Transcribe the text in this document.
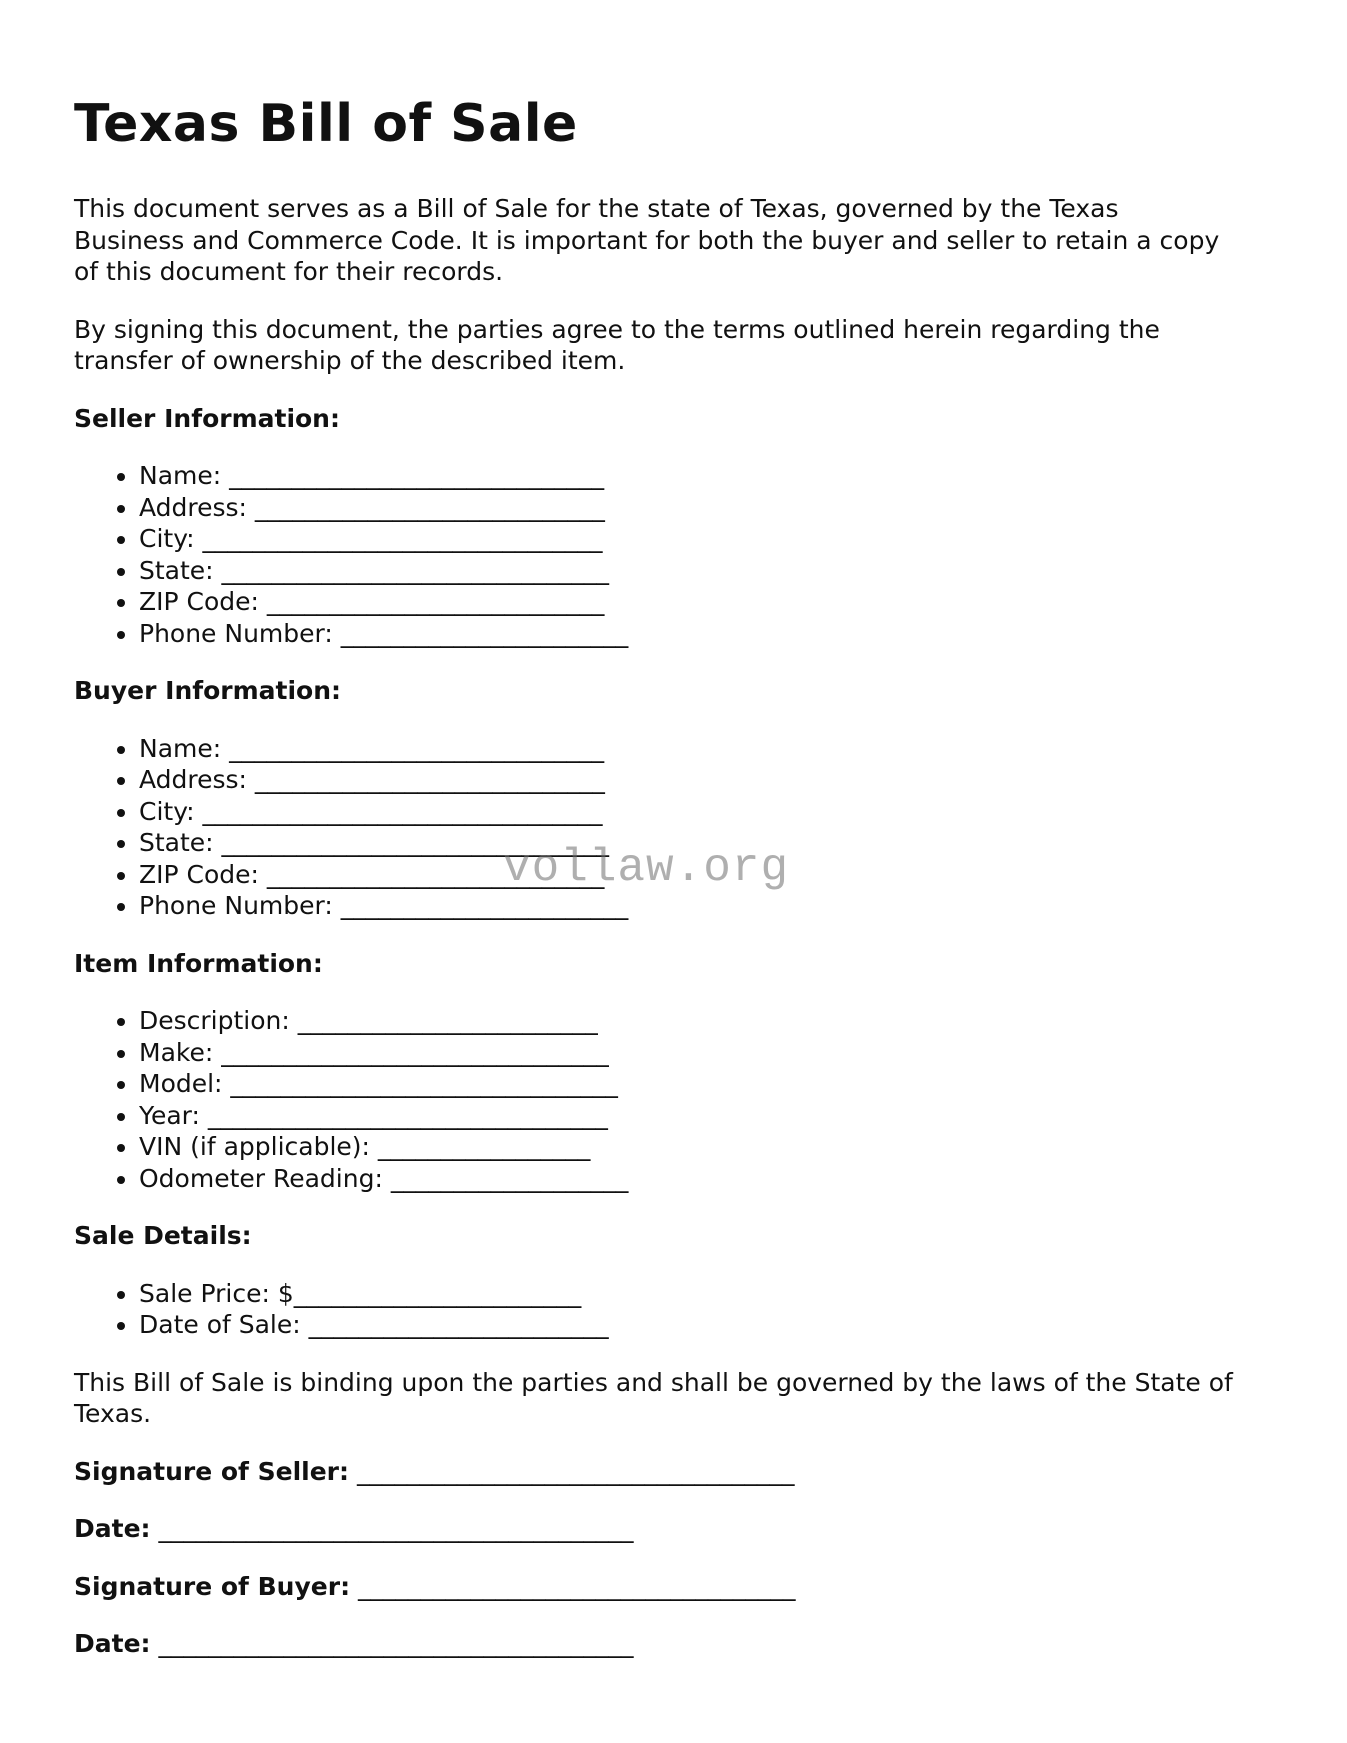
Texas Bill of Sale

This document serves as a Bill of Sale for the state of Texas, governed by the Texas Business and Commerce Code. It is important for both the buyer and seller to retain a copy of this document for their records.

By signing this document, the parties agree to the terms outlined herein regarding the transfer of ownership of the described item.

Seller Information:
• Name: ______________________________
• Address: ____________________________
• City: ________________________________
• State: _______________________________
• ZIP Code: ___________________________
• Phone Number: _______________________
Buyer Information:
• Name: ______________________________
• Address: ____________________________
• City: ________________________________
• State: _______________________________
• ZIP Code: ___________________________
• Phone Number: _______________________
Item Information:
• Description: ________________________
• Make: _______________________________
• Model: _______________________________
• Year: ________________________________
• VIN (if applicable): _________________
• Odometer Reading: ___________________
Sale Details:
• Sale Price: $_______________________
• Date of Sale: ________________________

This Bill of Sale is binding upon the parties and shall be governed by the laws of the State of Texas.

Signature of Seller: ___________________________________
Date: ______________________________________
Signature of Buyer: ___________________________________
Date: ______________________________________
vollaw.org
